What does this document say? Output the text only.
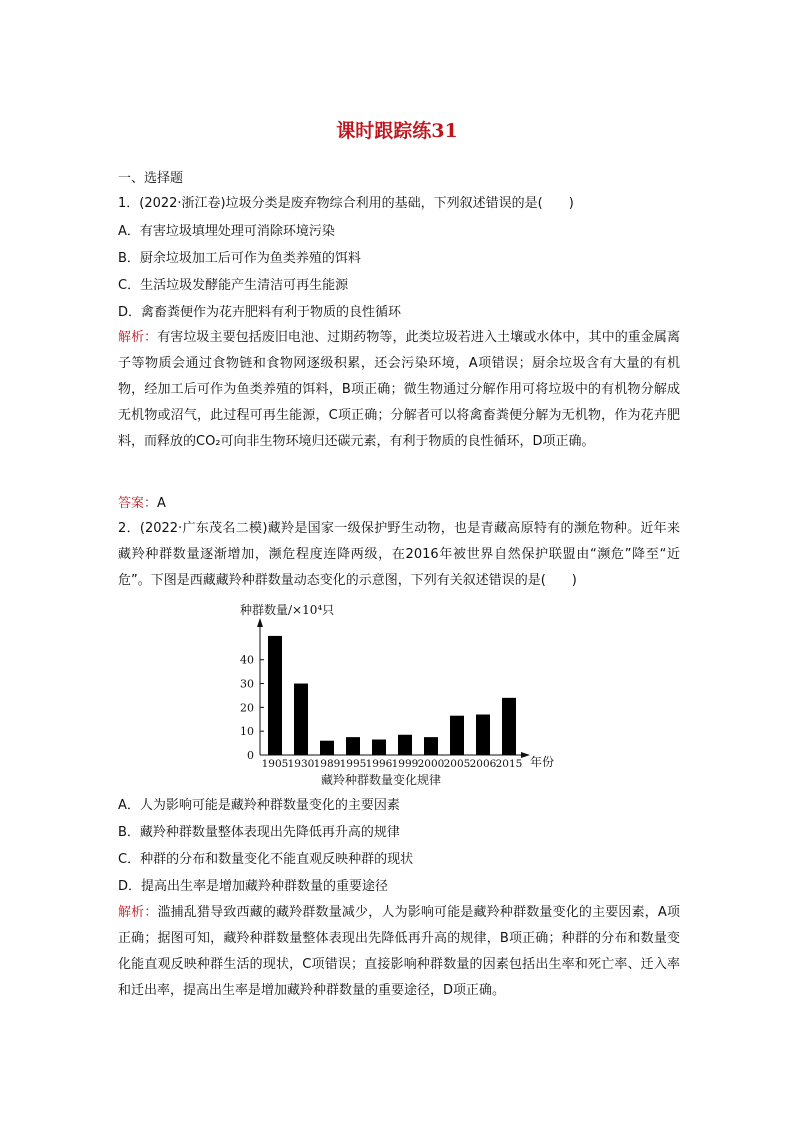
课时跟踪练31
一、选择题
1．(2022·浙江卷)垃圾分类是废弃物综合利用的基础，下列叙述错误的是(　　)
A．有害垃圾填埋处理可消除环境污染
B．厨余垃圾加工后可作为鱼类养殖的饵料
C．生活垃圾发酵能产生清洁可再生能源
D．禽畜粪便作为花卉肥料有利于物质的良性循环
解析：有害垃圾主要包括废旧电池、过期药物等，此类垃圾若进入土壤或水体中，其中的重金属离子等物质会通过食物链和食物网逐级积累，还会污染环境，A项错误；厨余垃圾含有大量的有机物，经加工后可作为鱼类养殖的饵料，B项正确；微生物通过分解作用可将垃圾中的有机物分解成无机物或沼气，此过程可再生能源，C项正确；分解者可以将禽畜粪便分解为无机物，作为花卉肥料，而释放的CO₂可向非生物环境归还碳元素，有利于物质的良性循环，D项正确。
答案：A
2．(2022·广东茂名二模)藏羚是国家一级保护野生动物，也是青藏高原特有的濒危物种。近年来藏羚种群数量逐渐增加，濒危程度连降两级，在2016年被世界自然保护联盟由“濒危”降至“近危”。下图是西藏藏羚种群数量动态变化的示意图，下列有关叙述错误的是(　　)
种群数量/×10⁴只
年份
0
10
20
30
40
1905 1930 1989 1995 1996 1999 2000 2005 2006 2015
藏羚种群数量变化规律
A．人为影响可能是藏羚种群数量变化的主要因素
B．藏羚种群数量整体表现出先降低再升高的规律
C．种群的分布和数量变化不能直观反映种群的现状
D．提高出生率是增加藏羚种群数量的重要途径
解析：滥捕乱猎导致西藏的藏羚群数量减少，人为影响可能是藏羚种群数量变化的主要因素，A项正确；据图可知，藏羚种群数量整体表现出先降低再升高的规律，B项正确；种群的分布和数量变化能直观反映种群生活的现状，C项错误；直接影响种群数量的因素包括出生率和死亡率、迁入率和迁出率，提高出生率是增加藏羚种群数量的重要途径，D项正确。
